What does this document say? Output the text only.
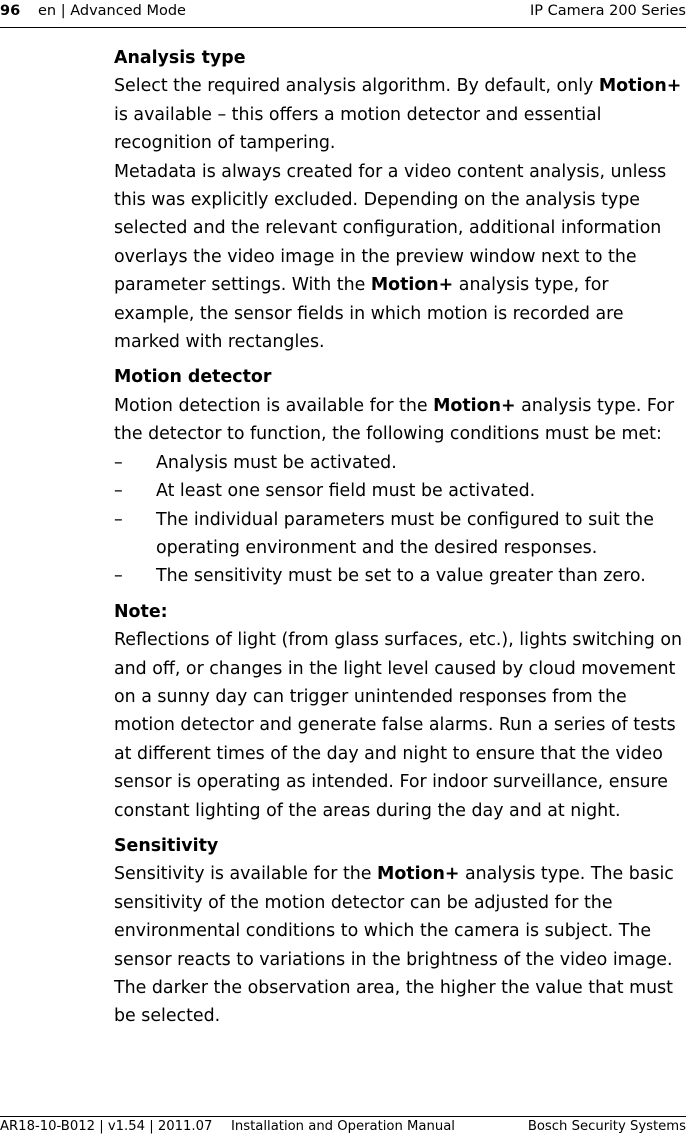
96 en | Advanced Mode	IP Camera 200 Series

Analysis type

Select the required analysis algorithm. By default, only Motion+ is available – this offers a motion detector and essential recognition of tampering.

Metadata is always created for a video content analysis, unless this was explicitly excluded. Depending on the analysis type selected and the relevant configuration, additional information overlays the video image in the preview window next to the parameter settings. With the Motion+ analysis type, for example, the sensor fields in which motion is recorded are marked with rectangles.

Motion detector

Motion detection is available for the Motion+ analysis type. For the detector to function, the following conditions must be met:

– Analysis must be activated.
– At least one sensor field must be activated.
– The individual parameters must be configured to suit the operating environment and the desired responses.
– The sensitivity must be set to a value greater than zero.

Note:

Reflections of light (from glass surfaces, etc.), lights switching on and off, or changes in the light level caused by cloud movement on a sunny day can trigger unintended responses from the motion detector and generate false alarms. Run a series of tests at different times of the day and night to ensure that the video sensor is operating as intended. For indoor surveillance, ensure constant lighting of the areas during the day and at night.

Sensitivity

Sensitivity is available for the Motion+ analysis type. The basic sensitivity of the motion detector can be adjusted for the environmental conditions to which the camera is subject. The sensor reacts to variations in the brightness of the video image. The darker the observation area, the higher the value that must be selected.

AR18-10-B012 | v1.54 | 2011.07 Installation and Operation Manual	Bosch Security Systems
